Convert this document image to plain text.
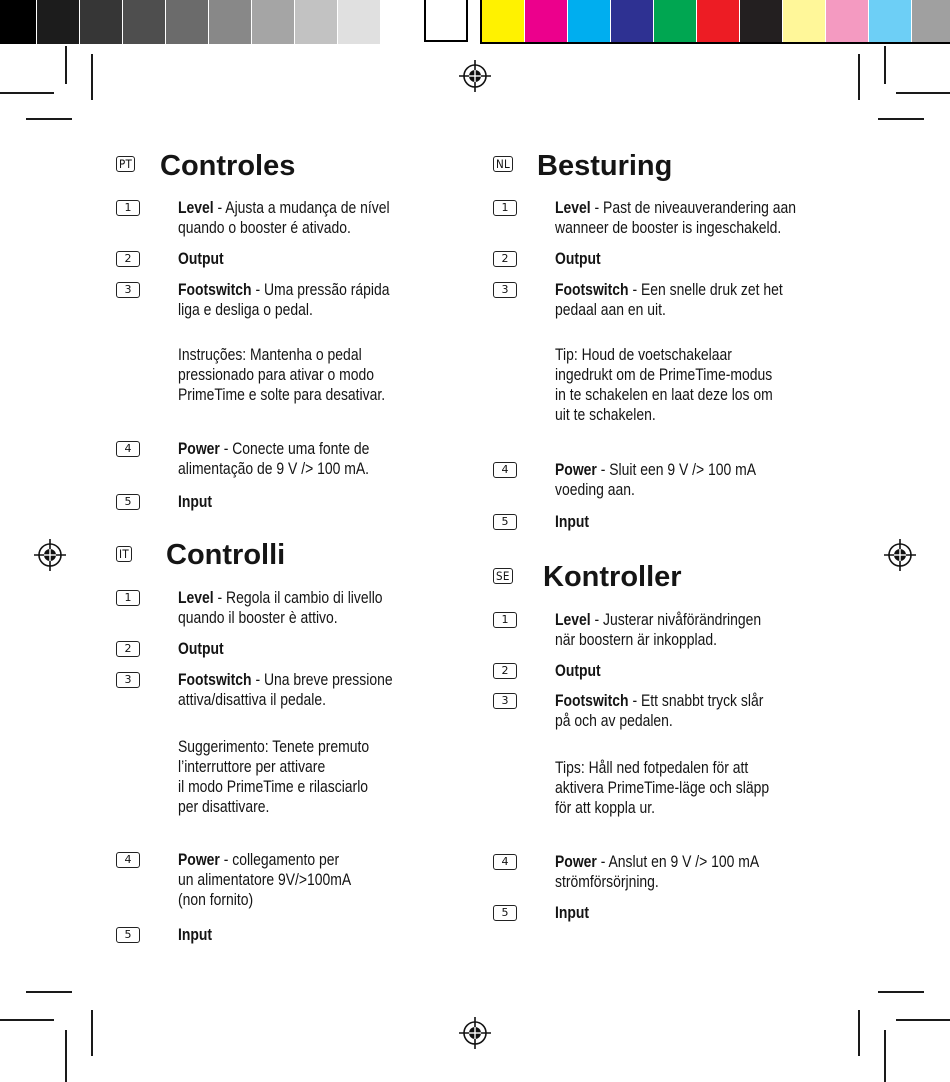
PT Controles
1	Level - Ajusta a mudança de nível
quando o booster é ativado.
2	Output
3	Footswitch - Uma pressão rápida
liga e desliga o pedal.
Instruções: Mantenha o pedal
pressionado para ativar o modo
PrimeTime e solte para desativar.
4	Power - Conecte uma fonte de
alimentação de 9 V /> 100 mA.
5	Input
IT Controlli
1	Level - Regola il cambio di livello
quando il booster è attivo.
2	Output
3	Footswitch - Una breve pressione
attiva/disattiva il pedale.
Suggerimento: Tenete premuto
l’interruttore per attivare
il modo PrimeTime e rilasciarlo
per disattivare.
4	Power - collegamento per
un alimentatore 9V/>100mA
(non fornito)
5	Input
NL Besturing
1	Level - Past de niveauverandering aan
wanneer de booster is ingeschakeld.
2	Output
3	Footswitch - Een snelle druk zet het
pedaal aan en uit.
Tip: Houd de voetschakelaar
ingedrukt om de PrimeTime-modus
in te schakelen en laat deze los om
uit te schakelen.
4	Power - Sluit een 9 V /> 100 mA
voeding aan.
5	Input
SE Kontroller
1	Level - Justerar nivåförändringen
när boostern är inkopplad.
2	Output
3	Footswitch - Ett snabbt tryck slår
på och av pedalen.
Tips: Håll ned fotpedalen för att
aktivera PrimeTime-läge och släpp
för att koppla ur.
4	Power - Anslut en 9 V /> 100 mA
strömförsörjning.
5	Input
